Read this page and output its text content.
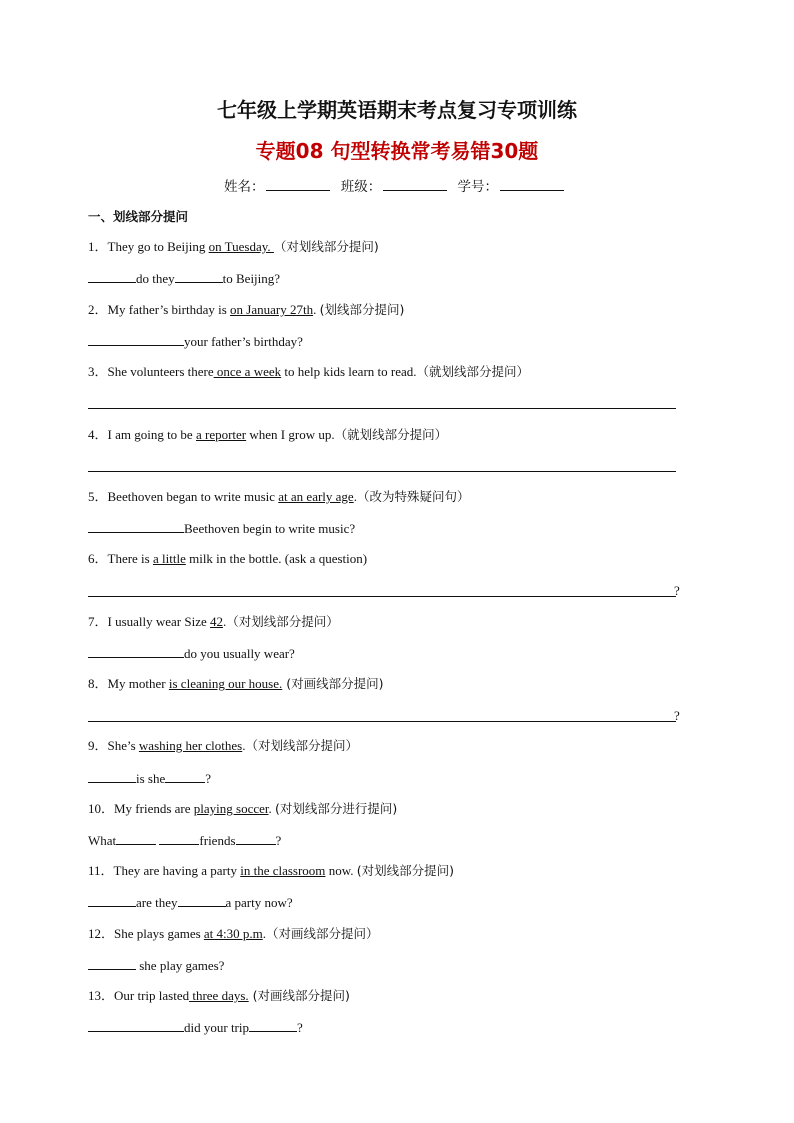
七年级上学期英语期末考点复习专项训练
专题08 句型转换常考易错30题
姓名：	班级：	学号：
一、划线部分提问
1．They go to Beijing on Tuesday. （对划线部分提问)
do they	to Beijing?
2．My father’s birthday is on January 27th. (划线部分提问)
your father’s birthday?
3．She volunteers there once a week to help kids learn to read.（就划线部分提问）
4．I am going to be a reporter when I grow up.（就划线部分提问）
5．Beethoven began to write music at an early age.（改为特殊疑问句）
Beethoven begin to write music?
6．There is a little milk in the bottle. (ask a question)
?
7．I usually wear Size 42.（对划线部分提问）
do you usually wear?
8．My mother is cleaning our house. (对画线部分提问)
?
9．She’s washing her clothes.（对划线部分提问）
is she	?
10．My friends are playing soccer. (对划线部分进行提问)
What	friends	?
11．They are having a party in the classroom now. (对划线部分提问)
are they	a party now?
12．She plays games at 4:30 p.m.（对画线部分提问）
she play games?
13．Our trip lasted three days. (对画线部分提问)
did your trip	?
